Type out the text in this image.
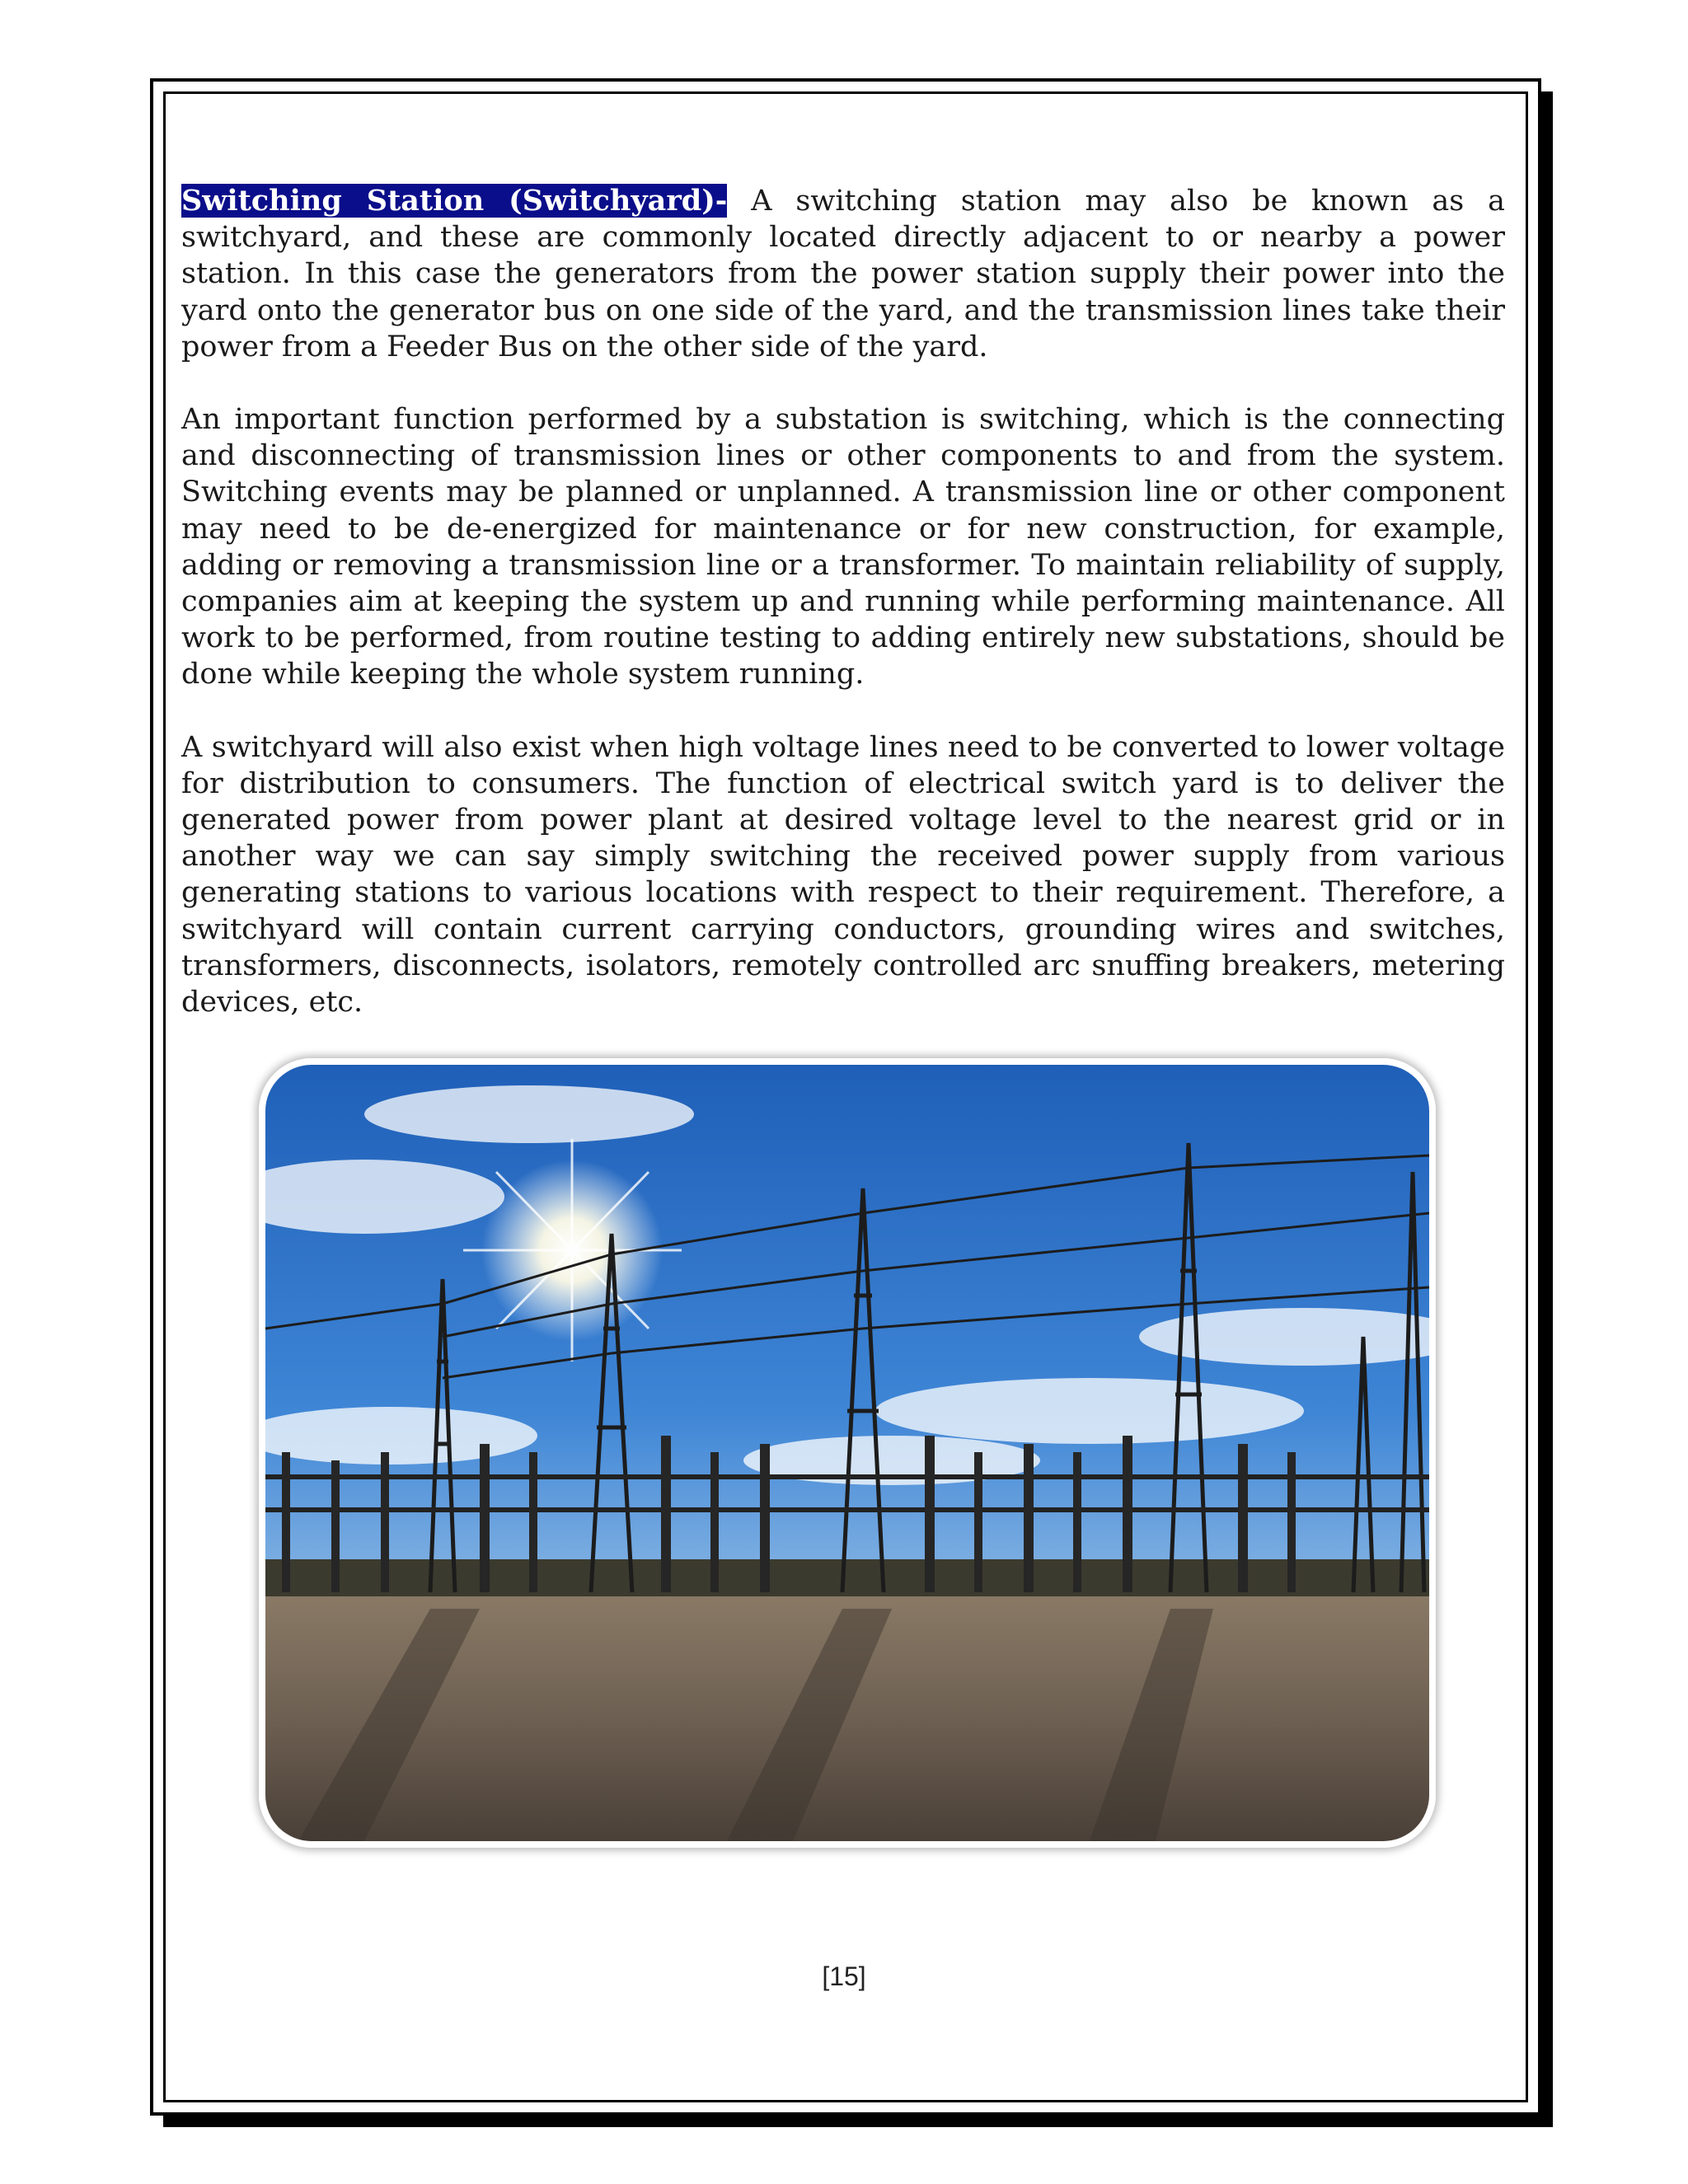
Switching Station (Switchyard)- A switching station may also be known as a switchyard, and these are commonly located directly adjacent to or nearby a power station. In this case the generators from the power station supply their power into the yard onto the generator bus on one side of the yard, and the transmission lines take their power from a Feeder Bus on the other side of the yard.

An important function performed by a substation is switching, which is the connecting and disconnecting of transmission lines or other components to and from the system. Switching events may be planned or unplanned. A transmission line or other component may need to be de-energized for maintenance or for new construction, for example, adding or removing a transmission line or a transformer. To maintain reliability of supply, companies aim at keeping the system up and running while performing maintenance. All work to be performed, from routine testing to adding entirely new substations, should be done while keeping the whole system running.

A switchyard will also exist when high voltage lines need to be converted to lower voltage for distribution to consumers. The function of electrical switch yard is to deliver the generated power from power plant at desired voltage level to the nearest grid or in another way we can say simply switching the received power supply from various generating stations to various locations with respect to their requirement. Therefore, a switchyard will contain current carrying conductors, grounding wires and switches, transformers, disconnects, isolators, remotely controlled arc snuffing breakers, metering devices, etc.

[15]
